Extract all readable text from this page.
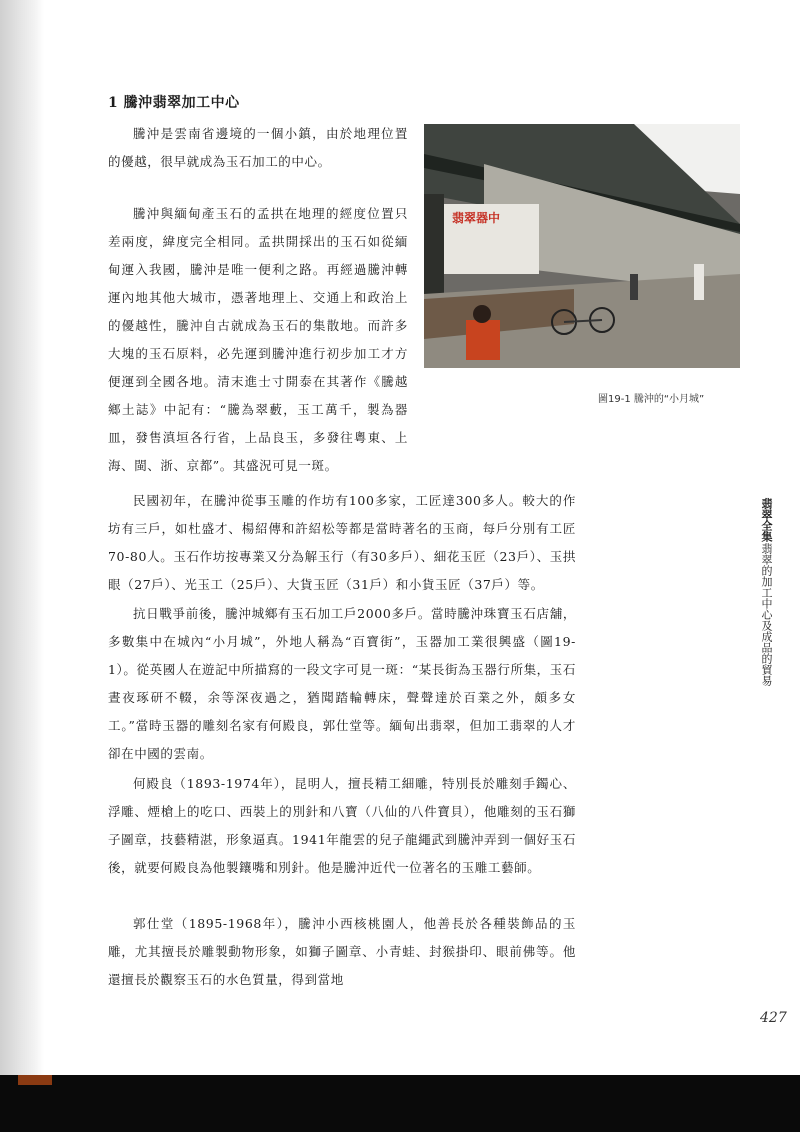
1 騰沖翡翠加工中心
翡翠器中

騰沖是雲南省邊境的一個小鎮，由於地理位置的優越，很早就成為玉石加工的中心。

騰沖與緬甸產玉石的孟拱在地理的經度位置只差兩度，緯度完全相同。孟拱開採出的玉石如從緬甸運入我國，騰沖是唯一便利之路。再經過騰沖轉運內地其他大城市，憑著地理上、交通上和政治上的優越性，騰沖自古就成為玉石的集散地。而許多大塊的玉石原料，必先運到騰沖進行初步加工才方便運到全國各地。清末進士寸開泰在其著作《騰越鄉土誌》中記有：“騰為翠藪，玉工萬千，製為器皿，發售滇垣各行省，上品良玉，多發往粵東、上海、閩、浙、京都”。其盛況可見一斑。

民國初年，在騰沖從事玉雕的作坊有100多家，工匠達300多人。較大的作坊有三戶，如杜盛才、楊紹傳和許紹松等都是當時著名的玉商，每戶分別有工匠70-80人。玉石作坊按專業又分為解玉行（有30多戶）、細花玉匠（23戶）、玉拱眼（27戶）、光玉工（25戶）、大貨玉匠（31戶）和小貨玉匠（37戶）等。

抗日戰爭前後，騰沖城鄉有玉石加工戶2000多戶。當時騰沖珠寶玉石店舖，多數集中在城內“小月城”，外地人稱為“百寶街”，玉器加工業很興盛（圖19-1）。從英國人在遊記中所描寫的一段文字可見一斑：“某長街為玉器行所集，玉石晝夜琢研不輟，余等深夜過之，猶聞踏輪轉床，聲聲達於百業之外，頗多女工。”當時玉器的雕刻名家有何殿良，郭仕堂等。緬甸出翡翠，但加工翡翠的人才卻在中國的雲南。

何殿良（1893-1974年），昆明人，擅長精工細雕，特別長於雕刻手鐲心、浮雕、煙槍上的吃口、西裝上的別針和八寶（八仙的八件寶貝），他雕刻的玉石獅子圖章，技藝精湛，形象逼真。1941年龍雲的兒子龍繩武到騰沖弄到一個好玉石後，就要何殿良為他製鑲嘴和別針。他是騰沖近代一位著名的玉雕工藝師。

郭仕堂（1895-1968年），騰沖小西核桃園人，他善長於各種裝飾品的玉雕，尤其擅長於雕製動物形象，如獅子圖章、小青蛙、封猴掛印、眼前佛等。他還擅長於觀察玉石的水色質量，得到當地

圖19-1 騰沖的“小月城”

翡翠全集翡翠的加工中心及成品的貿易

427
